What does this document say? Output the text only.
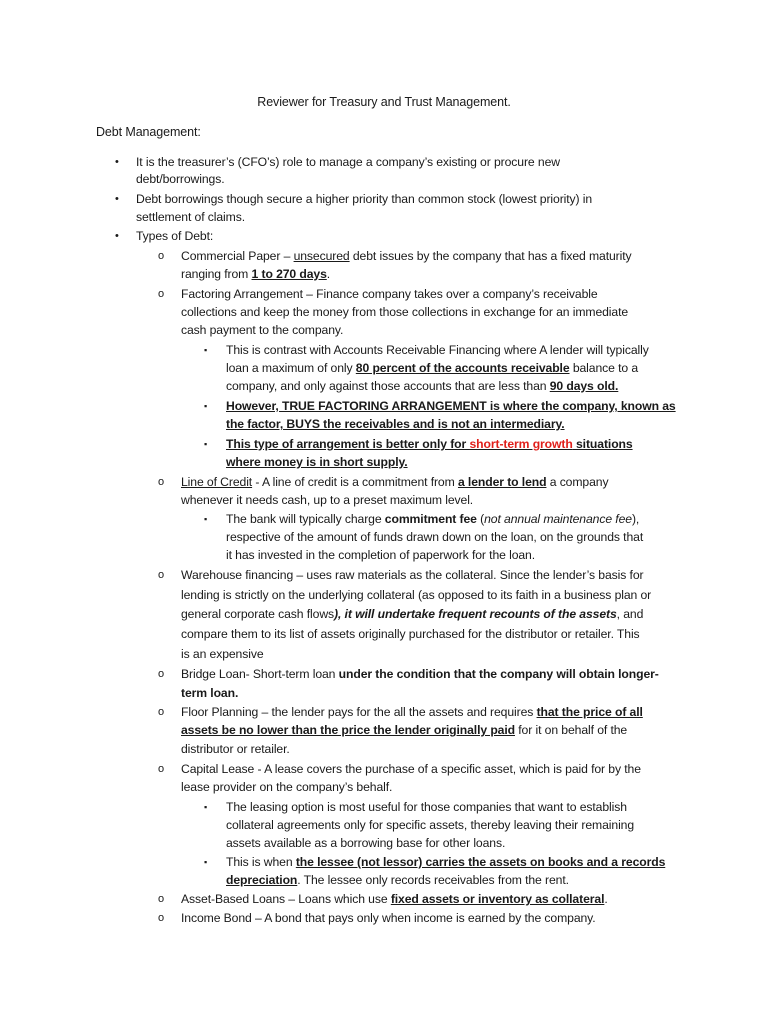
Reviewer for Treasury and Trust Management.
Debt Management:
• It is the treasurer’s (CFO’s) role to manage a company’s existing or procure new
debt/borrowings.
• Debt borrowings though secure a higher priority than common stock (lowest priority) in
settlement of claims.
• Types of Debt:
o Commercial Paper – unsecured debt issues by the company that has a fixed maturity
ranging from 1 to 270 days.
o Factoring Arrangement – Finance company takes over a company’s receivable
collections and keep the money from those collections in exchange for an immediate
cash payment to the company.
▪ This is contrast with Accounts Receivable Financing where A lender will typically
loan a maximum of only 80 percent of the accounts receivable balance to a
company, and only against those accounts that are less than 90 days old.
▪ However, TRUE FACTORING ARRANGEMENT is where the company, known as
the factor, BUYS the receivables and is not an intermediary.
▪ This type of arrangement is better only for short-term growth situations
where money is in short supply.
o Line of Credit - A line of credit is a commitment from a lender to lend a company
whenever it needs cash, up to a preset maximum level.
▪ The bank will typically charge commitment fee (not annual maintenance fee),
respective of the amount of funds drawn down on the loan, on the grounds that
it has invested in the completion of paperwork for the loan.
o Warehouse financing – uses raw materials as the collateral. Since the lender’s basis for
lending is strictly on the underlying collateral (as opposed to its faith in a business plan or
general corporate cash flows), it will undertake frequent recounts of the assets, and
compare them to its list of assets originally purchased for the distributor or retailer. This
is an expensive
o Bridge Loan- Short-term loan under the condition that the company will obtain longer-
term loan.
o Floor Planning – the lender pays for the all the assets and requires that the price of all
assets be no lower than the price the lender originally paid for it on behalf of the
distributor or retailer.
o Capital Lease - A lease covers the purchase of a specific asset, which is paid for by the
lease provider on the company’s behalf.
▪ The leasing option is most useful for those companies that want to establish
collateral agreements only for specific assets, thereby leaving their remaining
assets available as a borrowing base for other loans.
▪ This is when the lessee (not lessor) carries the assets on books and a records
depreciation. The lessee only records receivables from the rent.
o Asset-Based Loans – Loans which use fixed assets or inventory as collateral.
o Income Bond – A bond that pays only when income is earned by the company.
